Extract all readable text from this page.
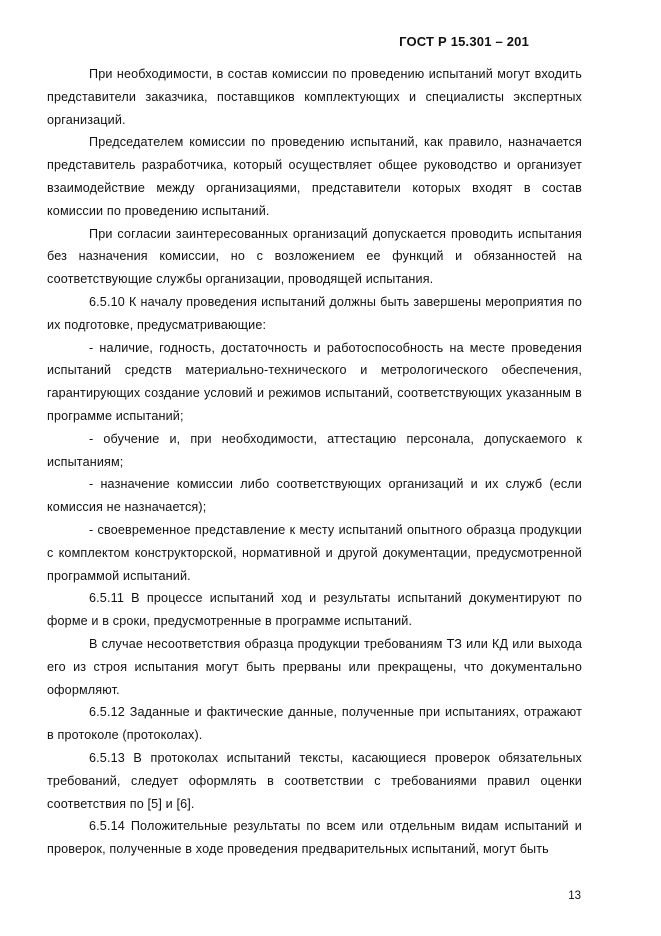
ГОСТ Р 15.301 – 201

При необходимости, в состав комиссии по проведению испытаний могут входить представители заказчика, поставщиков комплектующих и специалисты экспертных организаций.

Председателем комиссии по проведению испытаний, как правило, назначается представитель разработчика, который осуществляет общее руководство и организует взаимодействие между организациями, представители которых входят в состав комиссии по проведению испытаний.

При согласии заинтересованных организаций допускается проводить испытания без назначения комиссии, но с возложением ее функций и обязанностей на соответствующие службы организации, проводящей испытания.

6.5.10 К началу проведения испытаний должны быть завершены мероприятия по их подготовке, предусматривающие:

- наличие, годность, достаточность и работоспособность на месте проведения испытаний средств материально-технического и метрологического обеспечения, гарантирующих создание условий и режимов испытаний, соответствующих указанным в программе испытаний;

- обучение и, при необходимости, аттестацию персонала, допускаемого к испытаниям;

- назначение комиссии либо соответствующих организаций и их служб (если комиссия не назначается);

- своевременное представление к месту испытаний опытного образца продукции с комплектом конструкторской, нормативной и другой документации, предусмотренной программой испытаний.

6.5.11 В процессе испытаний ход и результаты испытаний документируют по форме и в сроки, предусмотренные в программе испытаний.

В случае несоответствия образца продукции требованиям ТЗ или КД или выхода его из строя испытания могут быть прерваны или прекращены, что документально оформляют.

6.5.12 Заданные и фактические данные, полученные при испытаниях, отражают в протоколе (протоколах).

6.5.13 В протоколах испытаний тексты, касающиеся проверок обязательных требований, следует оформлять в соответствии с требованиями правил оценки соответствия по [5] и [6].

6.5.14 Положительные результаты по всем или отдельным видам испытаний и проверок, полученные в ходе проведения предварительных испытаний, могут быть

13
